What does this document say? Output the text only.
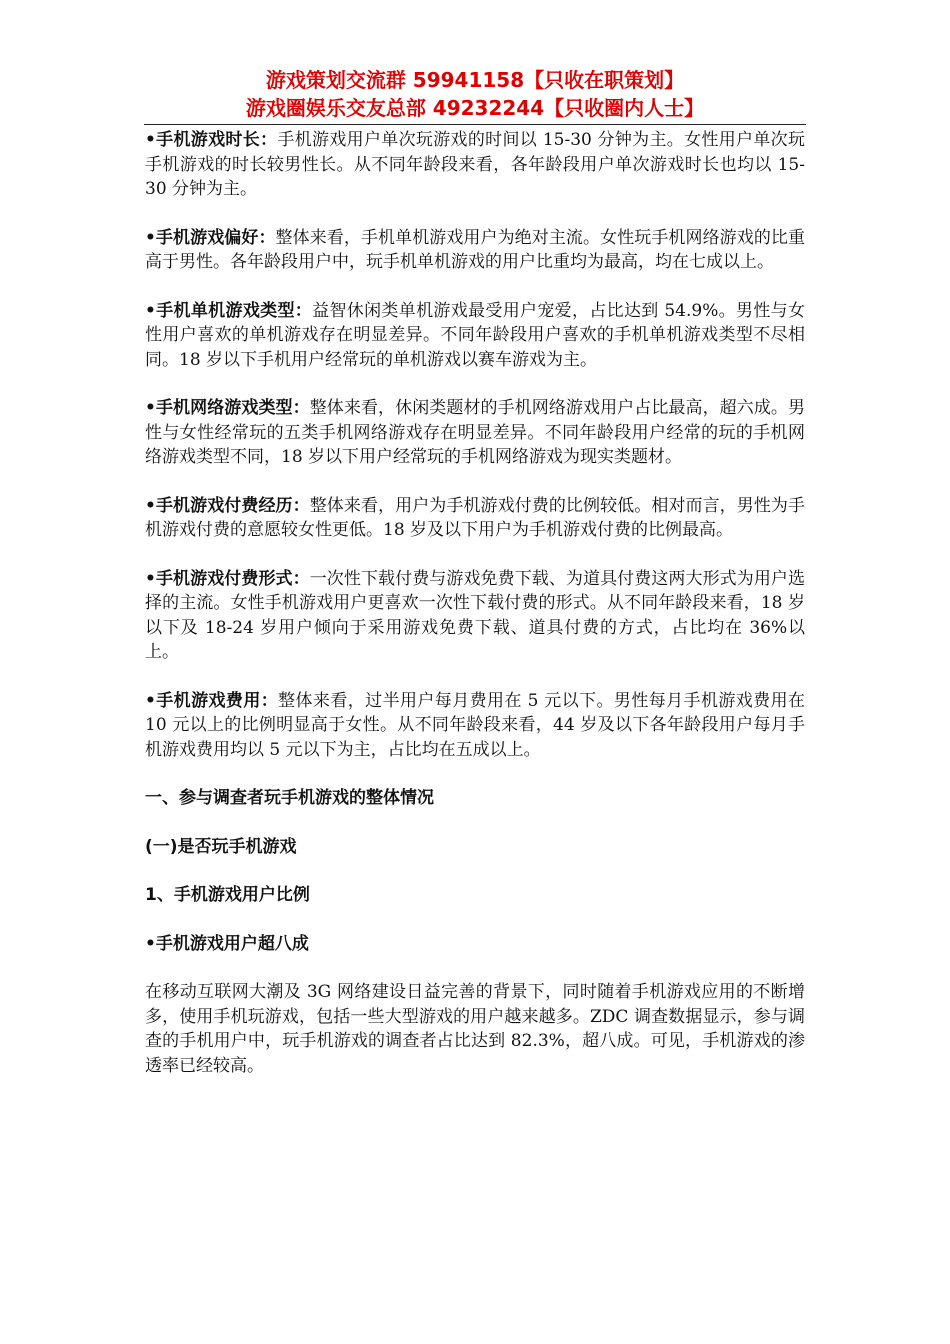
游戏策划交流群 59941158【只收在职策划】
游戏圈娱乐交友总部 49232244【只收圈内人士】

•手机游戏时长：手机游戏用户单次玩游戏的时间以 15-30 分钟为主。女性用户单次玩手机游戏的时长较男性长。从不同年龄段来看，各年龄段用户单次游戏时长也均以 15-30 分钟为主。

•手机游戏偏好：整体来看，手机单机游戏用户为绝对主流。女性玩手机网络游戏的比重高于男性。各年龄段用户中，玩手机单机游戏的用户比重均为最高，均在七成以上。

•手机单机游戏类型：益智休闲类单机游戏最受用户宠爱，占比达到 54.9%。男性与女性用户喜欢的单机游戏存在明显差异。不同年龄段用户喜欢的手机单机游戏类型不尽相同。18 岁以下手机用户经常玩的单机游戏以赛车游戏为主。

•手机网络游戏类型：整体来看，休闲类题材的手机网络游戏用户占比最高，超六成。男性与女性经常玩的五类手机网络游戏存在明显差异。不同年龄段用户经常的玩的手机网络游戏类型不同，18 岁以下用户经常玩的手机网络游戏为现实类题材。

•手机游戏付费经历：整体来看，用户为手机游戏付费的比例较低。相对而言，男性为手机游戏付费的意愿较女性更低。18 岁及以下用户为手机游戏付费的比例最高。

•手机游戏付费形式：一次性下载付费与游戏免费下载、为道具付费这两大形式为用户选择的主流。女性手机游戏用户更喜欢一次性下载付费的形式。从不同年龄段来看，18 岁以下及 18-24 岁用户倾向于采用游戏免费下载、道具付费的方式，占比均在 36%以上。

•手机游戏费用：整体来看，过半用户每月费用在 5 元以下。男性每月手机游戏费用在 10 元以上的比例明显高于女性。从不同年龄段来看，44 岁及以下各年龄段用户每月手机游戏费用均以 5 元以下为主，占比均在五成以上。

一、参与调查者玩手机游戏的整体情况
(一)是否玩手机游戏
1、手机游戏用户比例
•手机游戏用户超八成

在移动互联网大潮及 3G 网络建设日益完善的背景下，同时随着手机游戏应用的不断增多，使用手机玩游戏，包括一些大型游戏的用户越来越多。ZDC 调查数据显示，参与调查的手机用户中，玩手机游戏的调查者占比达到 82.3%，超八成。可见，手机游戏的渗透率已经较高。
